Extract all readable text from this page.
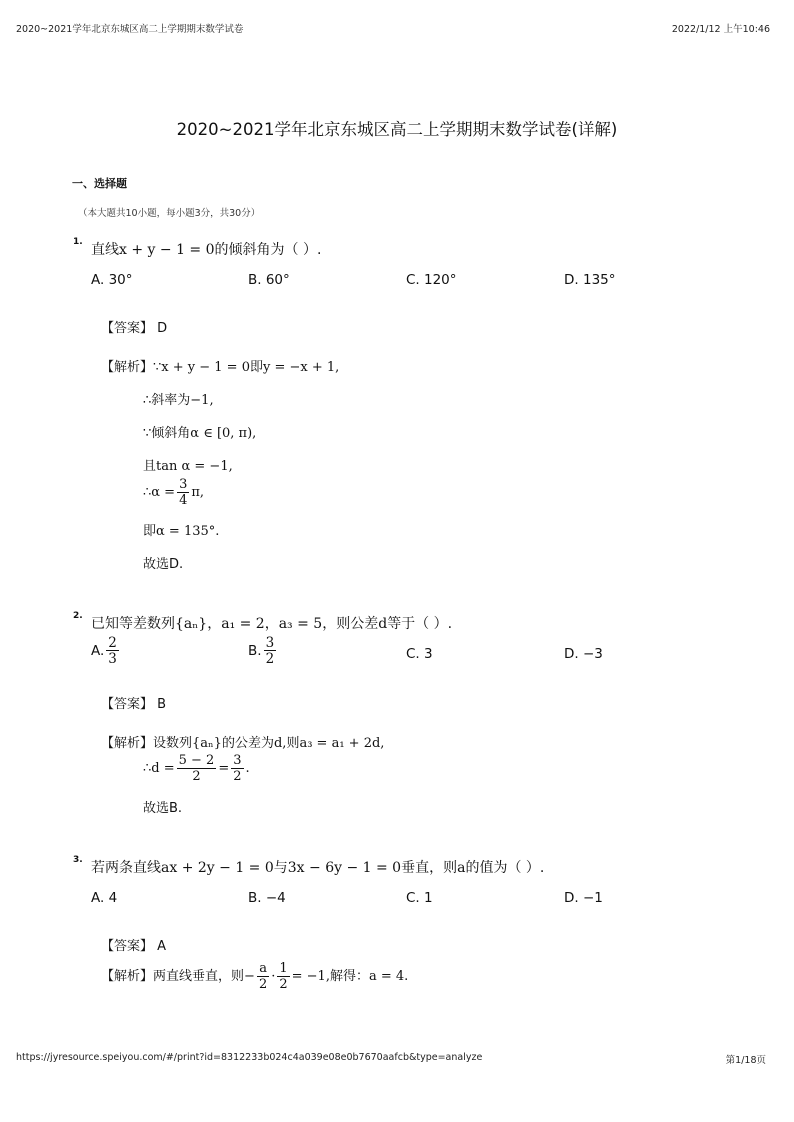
2020~2021学年北京东城区高二上学期期末数学试卷	2022/1/12 上午10:46
2020~2021学年北京东城区高二上学期期末数学试卷(详解)
一、选择题
（本大题共10小题，每小题3分，共30分）
1. 直线x + y − 1 = 0的倾斜角为（ ）.
A. 30°	B. 60°	C. 120°	D. 135°
【答案】 D
【解析】∵x + y − 1 = 0即y = −x + 1,
∴斜率为−1,
∵倾斜角α ∈ [0, π),
且tan α = −1,
∴α = $\frac{3}{4} \pi$,
即α = 135°.
故选D.
2. 已知等差数列{aₙ}，a₁ = 2，a₃ = 5，则公差d等于（ ）.
A. $\frac{2}{3}$	B. $\frac{3}{2}$	C. 3	D. −3
【答案】 B
【解析】设数列{aₙ}的公差为d,则a₃ = a₁ + 2d,
∴d = $\frac{5 - 2}{2} = \frac{3}{2}$ .
故选B.
3. 若两条直线ax + 2y − 1 = 0与3x − 6y − 1 = 0垂直，则a的值为（ ）.
A. 4	B. −4	C. 1	D. −1
【答案】 A
【解析】两直线垂直，则− $\frac{a}{2} \cdot \frac{1}{2} = -1$,解得：a = 4.
https://jyresource.speiyou.com/#/print?id=8312233b024c4a039e08e0b7670aafcb&type=analyze	第1/18页
